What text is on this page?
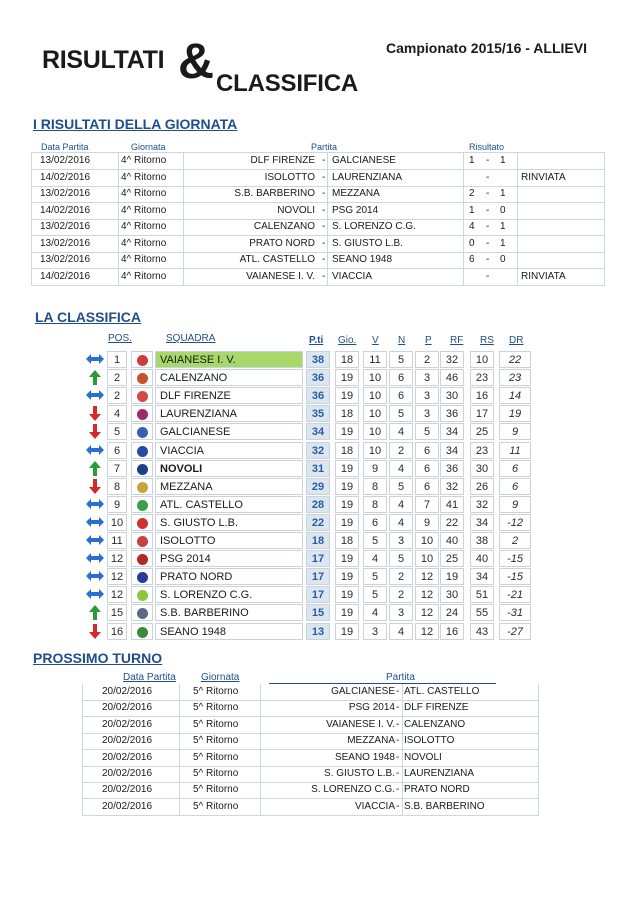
RISULTATI & CLASSIFICA
Campionato 2015/16 - ALLIEVI
I RISULTATI DELLA GIORNATA
Data Partita	Giornata	Partita	Risultato
13/02/2016	4^ Ritorno	DLF FIRENZE - GALCIANESE	1 - 1
14/02/2016	4^ Ritorno	ISOLOTTO - LAURENZIANA	-	RINVIATA
13/02/2016	4^ Ritorno	S.B. BARBERINO - MEZZANA	2 - 1
14/02/2016	4^ Ritorno	NOVOLI - PSG 2014	1 - 0
13/02/2016	4^ Ritorno	CALENZANO - S. LORENZO C.G.	4 - 1
13/02/2016	4^ Ritorno	PRATO NORD - S. GIUSTO L.B.	0 - 1
13/02/2016	4^ Ritorno	ATL. CASTELLO - SEANO 1948	6 - 0
14/02/2016	4^ Ritorno	VAIANESE I. V. - VIACCIA	-	RINVIATA
LA CLASSIFICA
POS.	SQUADRA	P.ti Gio. V N P RF RS DR
1	VAIANESE I. V.	38	18	11	5	2	32	10	22
2	CALENZANO	36	19	10	6	3	46	23	23
2	DLF FIRENZE	36	19	10	6	3	30	16	14
4	LAURENZIANA	35	18	10	5	3	36	17	19
5	GALCIANESE	34	19	10	4	5	34	25	9
6	VIACCIA	32	18	10	2	6	34	23	11
7	NOVOLI	31	19	9	4	6	36	30	6
8	MEZZANA	29	19	8	5	6	32	26	6
9	ATL. CASTELLO	28	19	8	4	7	41	32	9
10	S. GIUSTO L.B.	22	19	6	4	9	22	34	-12
11	ISOLOTTO	18	18	5	3	10	40	38	2
12	PSG 2014	17	19	4	5	10	25	40	-15
12	PRATO NORD	17	19	5	2	12	19	34	-15
12	S. LORENZO C.G.	17	19	5	2	12	30	51	-21
15	S.B. BARBERINO	15	19	4	3	12	24	55	-31
16	SEANO 1948	13	19	3	4	12	16	43	-27
PROSSIMO TURNO
Data Partita	Giornata	Partita
20/02/2016	5^ Ritorno	GALCIANESE - ATL. CASTELLO
20/02/2016	5^ Ritorno	PSG 2014 - DLF FIRENZE
20/02/2016	5^ Ritorno	VAIANESE I. V. - CALENZANO
20/02/2016	5^ Ritorno	MEZZANA - ISOLOTTO
20/02/2016	5^ Ritorno	SEANO 1948 - NOVOLI
20/02/2016	5^ Ritorno	S. GIUSTO L.B. - LAURENZIANA
20/02/2016	5^ Ritorno	S. LORENZO C.G. - PRATO NORD
20/02/2016	5^ Ritorno	VIACCIA - S.B. BARBERINO
